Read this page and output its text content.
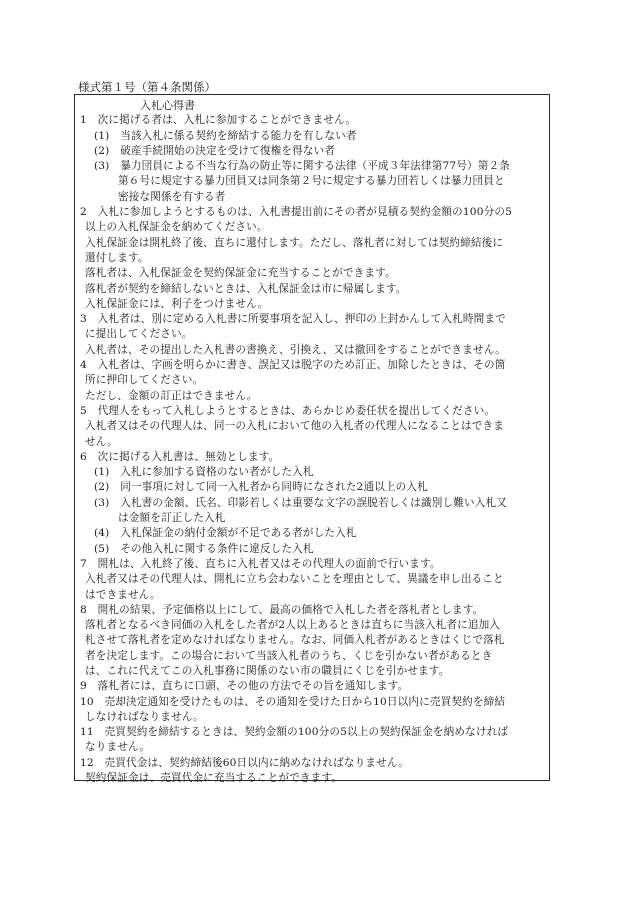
様式第１号（第４条関係）
入札心得書
1　次に掲げる者は、入札に参加することができません。
(1)　当該入札に係る契約を締結する能力を有しない者
(2)　破産手続開始の決定を受けて復権を得ない者
(3)　暴力団員による不当な行為の防止等に関する法律（平成３年法律第77号）第２条
第６号に規定する暴力団員又は同条第２号に規定する暴力団若しくは暴力団員と
密接な関係を有する者
2　入札に参加しようとするものは、入札書提出前にその者が見積る契約金額の100分の5
以上の入札保証金を納めてください。
入札保証金は開札終了後、直ちに還付します。ただし、落札者に対しては契約締結後に
還付します。
落札者は、入札保証金を契約保証金に充当することができます。
落札者が契約を締結しないときは、入札保証金は市に帰属します。
入札保証金には、利子をつけません。
3　入札者は、別に定める入札書に所要事項を記入し、押印の上封かんして入札時間まで
に提出してください。
入札者は、その提出した入札書の書換え、引換え、又は撤回をすることができません。
4　入札者は、字画を明らかに書き、誤記又は脱字のため訂正、加除したときは、その箇
所に押印してください。
ただし、金額の訂正はできません。
5　代理人をもって入札しようとするときは、あらかじめ委任状を提出してください。
入札者又はその代理人は、同一の入札において他の入札者の代理人になることはできま
せん。
6　次に掲げる入札書は、無効とします。
(1)　入札に参加する資格のない者がした入札
(2)　同一事項に対して同一入札者から同時になされた2通以上の入札
(3)　入札書の金額、氏名、印影若しくは重要な文字の誤脱若しくは識別し難い入札又
は金額を訂正した入札
(4)　入札保証金の納付金額が不足である者がした入札
(5)　その他入札に関する条件に違反した入札
7　開札は、入札終了後、直ちに入札者又はその代理人の面前で行います。
入札者又はその代理人は、開札に立ち会わないことを理由として、異議を申し出ること
はできません。
8　開札の結果、予定価格以上にして、最高の価格で入札した者を落札者とします。
落札者となるべき同価の入札をした者が2人以上あるときは直ちに当該入札者に追加入
札させて落札者を定めなければなりません。なお、同価入札者があるときはくじで落札
者を決定します。この場合において当該入札者のうち、くじを引かない者があるとき
は、これに代えてこの入札事務に関係のない市の職員にくじを引かせます。
9　落札者には、直ちに口頭、その他の方法でその旨を通知します。
10　売却決定通知を受けたものは、その通知を受けた日から10日以内に売買契約を締結
しなければなりません。
11　売買契約を締結するときは、契約金額の100分の5以上の契約保証金を納めなければ
なりません。
12　売買代金は、契約締結後60日以内に納めなければなりません。
契約保証金は、売買代金に充当することができます。
